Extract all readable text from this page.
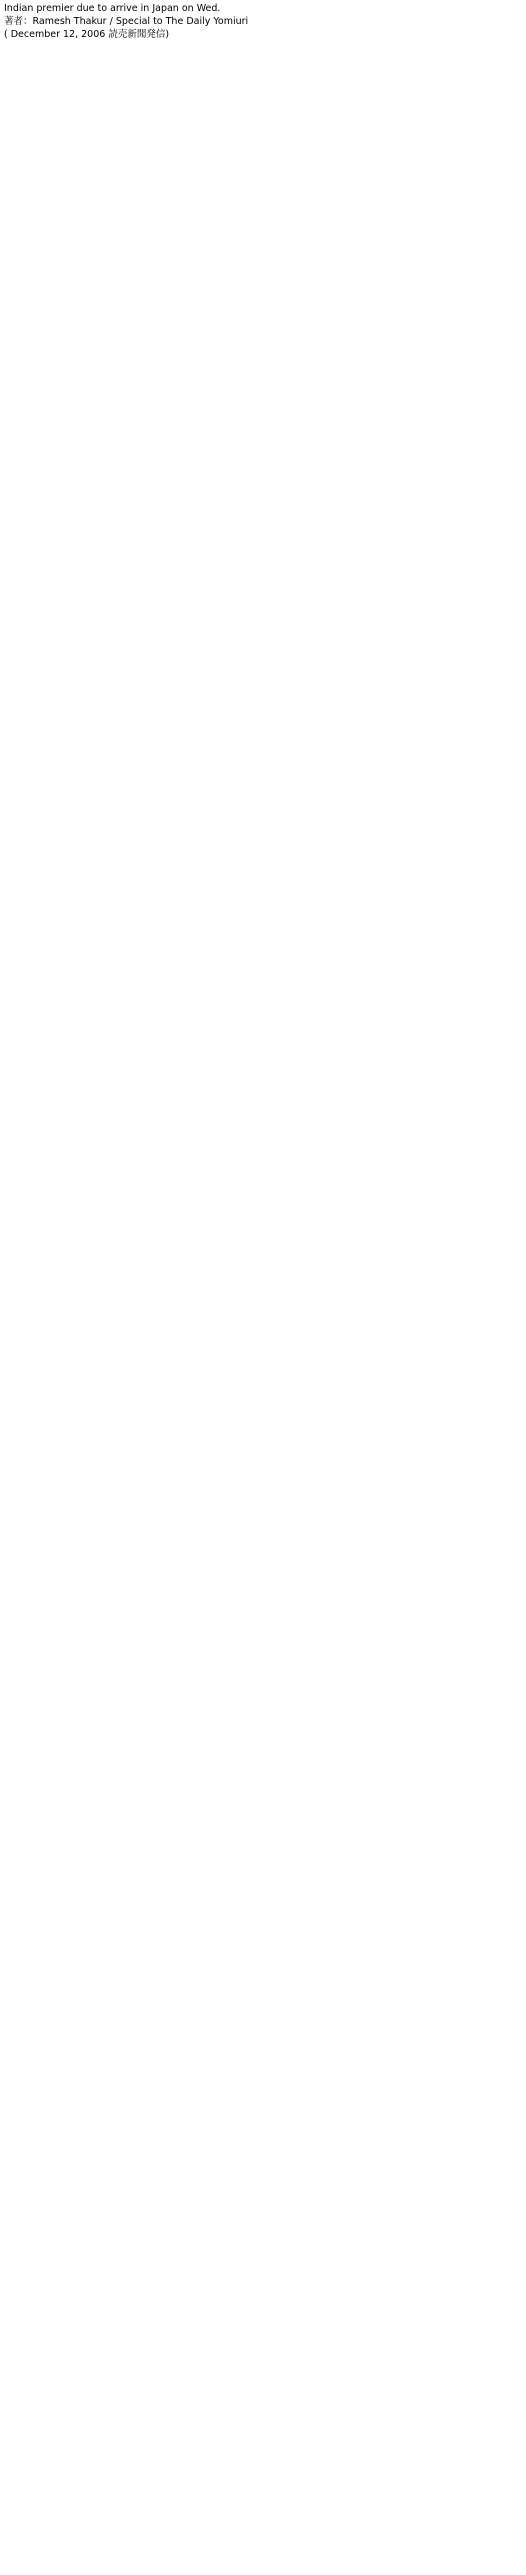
Indian premier due to arrive in Japan on Wed.

著者：Ramesh Thakur / Special to The Daily Yomiuri

( December 12, 2006 読売新聞発信)
